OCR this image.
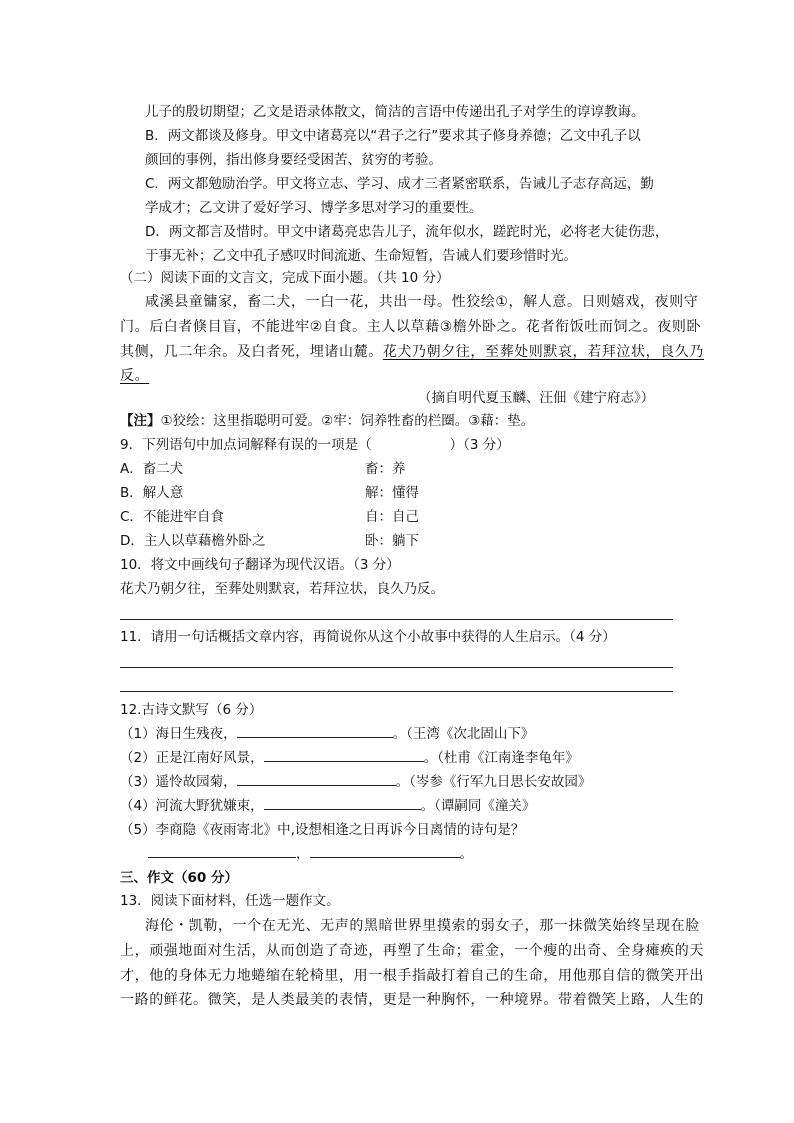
儿子的殷切期望；乙文是语录体散文，简洁的言语中传递出孔子对学生的谆谆教诲。
B．两文都谈及修身。甲文中诸葛亮以“君子之行”要求其子修身养德；乙文中孔子以
颜回的事例，指出修身要经受困苦、贫穷的考验。
C．两文都勉励治学。甲文将立志、学习、成才三者紧密联系，告诫儿子志存高远，勤
学成才；乙文讲了爱好学习、博学多思对学习的重要性。
D．两文都言及惜时。甲文中诸葛亮忠告儿子，流年似水，蹉跎时光，必将老大徒伤悲，
于事无补；乙文中孔子感叹时间流逝、生命短暂，告诫人们要珍惜时光。
（二）阅读下面的文言文，完成下面小题。（共 10 分）
咸溪县童镛家，畜二犬，一白一花，共出一母。性狡绘①，解人意。日则嬉戏，夜则守
门。后白者倏目盲，不能进牢②自食。主人以草藉③檐外卧之。花者衔饭吐而饲之。夜则卧
其侧，几二年余。及白者死，埋诸山麓。花犬乃朝夕往，至葬处则默哀，若拜泣状，良久乃
反。
（摘自明代夏玉麟、汪佃《建宁府志》）
【注】①狡绘：这里指聪明可爱。②牢：饲养牲畜的栏圈。③藉：垫。
9．下列语句中加点词解释有误的一项是（	）（3 分）
A．畜二犬	畜：养
B．解人意	解：懂得
C．不能进牢自食	自：自己
D．主人以草藉檐外卧之	卧：躺下
10．将文中画线句子翻译为现代汉语。（3 分）
花犬乃朝夕往，至葬处则默哀，若拜泣状，良久乃反。
11．请用一句话概括文章内容，再简说你从这个小故事中获得的人生启示。（4 分）
12.古诗文默写（6 分）
（1）海日生残夜，	。（王湾《次北固山下》
（2）正是江南好风景，	。（杜甫《江南逢李龟年》
（3）遥怜故园菊，	。（岑参《行军九日思长安故园》
（4）河流大野犹嫌束，	。（谭嗣同《潼关》
（5）李商隐《夜雨寄北》中,设想相逢之日再诉今日离情的诗句是？
，	。
三、作文（60 分）
13．阅读下面材料，任选一题作文。
海伦・凯勒，一个在无光、无声的黑暗世界里摸索的弱女子，那一抹微笑始终呈现在脸
上，顽强地面对生活，从而创造了奇迹，再塑了生命；霍金，一个瘦的出奇、全身瘫痪的天
才，他的身体无力地蜷缩在轮椅里，用一根手指敲打着自己的生命，用他那自信的微笑开出
一路的鲜花。微笑，是人类最美的表情，更是一种胸怀，一种境界。带着微笑上路，人生的
